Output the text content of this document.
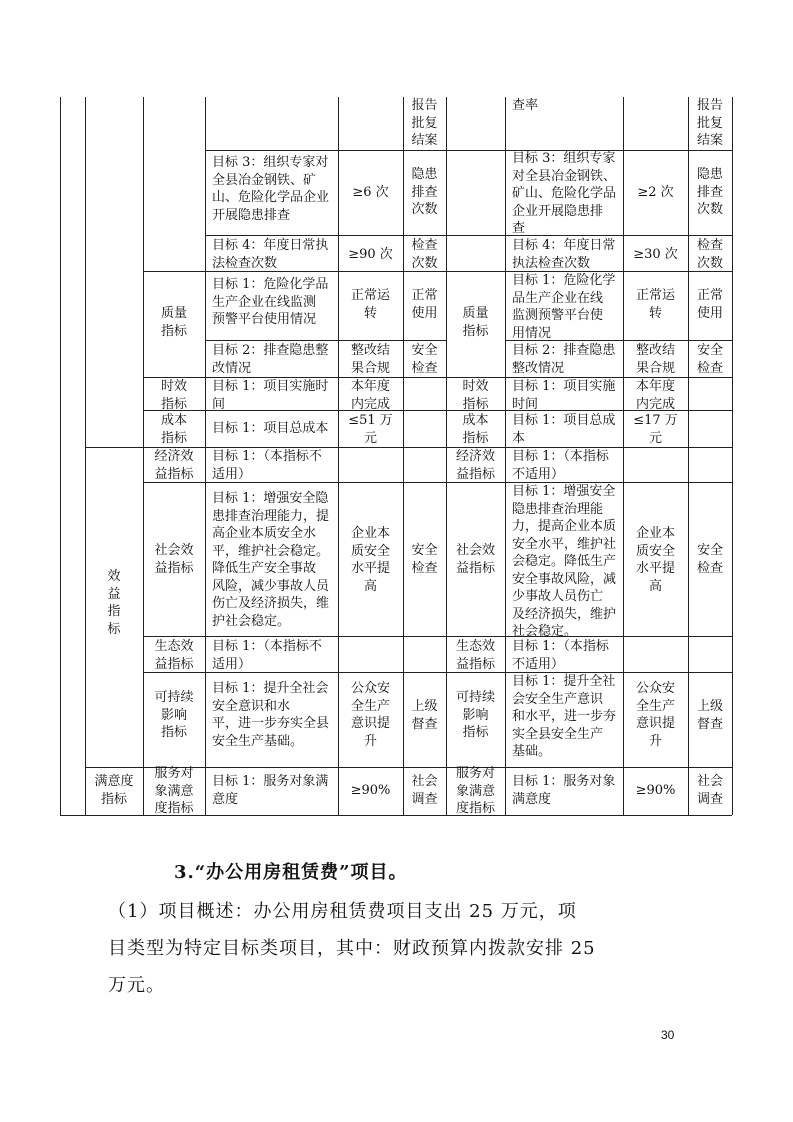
报告
批复
结案
目标 3：组织专家对
全县冶金钢铁、矿
山、危险化学品企业
开展隐患排查
≥6 次
隐患
排查
次数
目标 4：年度日常执
法检查次数
≥90 次
检查
次数
质量
指标
目标 1：危险化学品
生产企业在线监测
预警平台使用情况
正常运
转
正常
使用
目标 2：排查隐患整
改情况
整改结
果合规
安全
检查
时效
指标
目标 1：项目实施时
间
本年度
内完成
成本
指标
目标 1：项目总成本
≤51 万
元
经济效
益指标
目标 1：（本指标不
适用）
效
益
指
标
社会效
益指标
目标 1：增强安全隐
患排查治理能力，提
高企业本质安全水
平，维护社会稳定。
降低生产安全事故
风险，减少事故人员
伤亡及经济损失，维
护社会稳定。
企业本
质安全
水平提
高
安全
检查
生态效
益指标
目标 1：（本指标不
适用）
可持续
影响
指标
目标 1：提升全社会
安全意识和水
平，进一步夯实全县
安全生产基础。
公众安
全生产
意识提
升
上级
督查
满意度
指标
服务对
象满意
度指标
目标 1：服务对象满
意度
≥90%
社会
调查
查率	报告
批复
结案
目标 3：组织专家
对全县冶金钢铁、
矿山、危险化学品
企业开展隐患排
查
≥2 次
隐患
排查
次数
目标 4：年度日常
执法检查次数
≥30 次
检查
次数
质量
指标
目标 1：危险化学
品生产企业在线
监测预警平台使
用情况
正常运
转
正常
使用
目标 2：排查隐患
整改情况
整改结
果合规
安全
检查
时效
指标
目标 1：项目实施
时间
本年度
内完成
成本
指标
目标 1：项目总成
本
≤17 万
元
经济效
益指标
目标 1：（本指标
不适用）
社会效
益指标
目标 1：增强安全
隐患排查治理能
力，提高企业本质
安全水平，维护社
会稳定。降低生产
安全事故风险，减
少事故人员伤亡
及经济损失，维护
社会稳定。
企业本
质安全
水平提
高
安全
检查
生态效
益指标
目标 1：（本指标
不适用）
可持续
影响
指标
目标 1：提升全社
会安全生产意识
和水平，进一步夯
实全县安全生产
基础。
公众安
全生产
意识提
升
上级
督查
服务对
象满意
度指标
目标 1：服务对象
满意度
≥90%
社会
调查
3.“办公用房租赁费”项目。
（1）项目概述：办公用房租赁费项目支出 25 万元，项
目类型为特定目标类项目，其中：财政预算内拨款安排 25
万元。
30
